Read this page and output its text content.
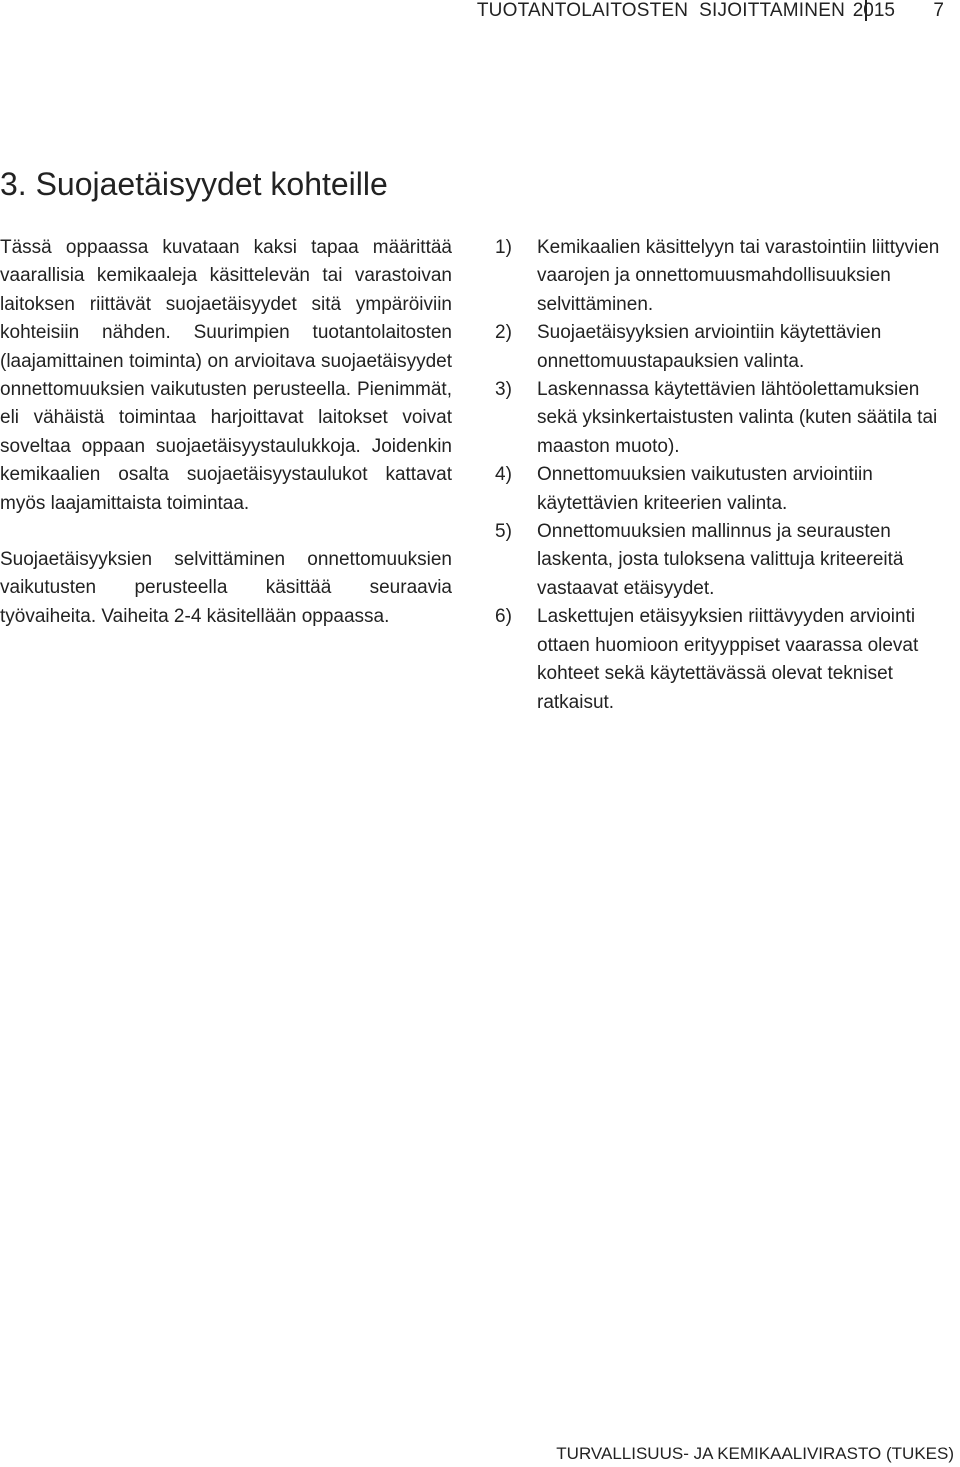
TUOTANTOLAITOSTEN  SIJOITTAMINEN 2015 7
3. Suojaetäisyydet kohteille

Tässä oppaassa kuvataan kaksi tapaa määrittää vaarallisia kemikaaleja käsittelevän tai varastoivan laitoksen riittävät suojaetäisyydet sitä ympäröiviin kohteisiin nähden. Suurimpien tuotantolaitosten (laajamittainen toiminta) on arvioitava suojaetäisyydet onnettomuuksien vaikutusten perusteella. Pienimmät, eli vähäistä toimintaa harjoittavat laitokset voivat soveltaa oppaan suojaetäisyystaulukkoja. Joidenkin kemikaalien osalta suojaetäisyystaulukot kattavat myös laajamittaista toimintaa.

Suojaetäisyyksien selvittäminen onnettomuuksien vaikutusten perusteella käsittää seuraavia työvaiheita. Vaiheita 2-4 käsitellään oppaassa.

1)	Kemikaalien käsittelyyn tai varastointiin liittyvien vaarojen ja onnettomuusmahdollisuuksien selvittäminen.
2)	Suojaetäisyyksien arviointiin käytettävien onnettomuustapauksien valinta.
3)	Laskennassa käytettävien lähtöolettamuksien sekä yksinkertaistusten valinta (kuten säätila tai maaston muoto).
4)	Onnettomuuksien vaikutusten arviointiin käytettävien kriteerien valinta.
5)	Onnettomuuksien mallinnus ja seurausten laskenta, josta tuloksena valittuja kriteereitä vastaavat etäisyydet.
6)	Laskettujen etäisyyksien riittävyyden arviointi ottaen huomioon erityyppiset vaarassa olevat kohteet sekä käytettävässä olevat tekniset ratkaisut.
TURVALLISUUS- JA KEMIKAALIVIRASTO (TUKES)
